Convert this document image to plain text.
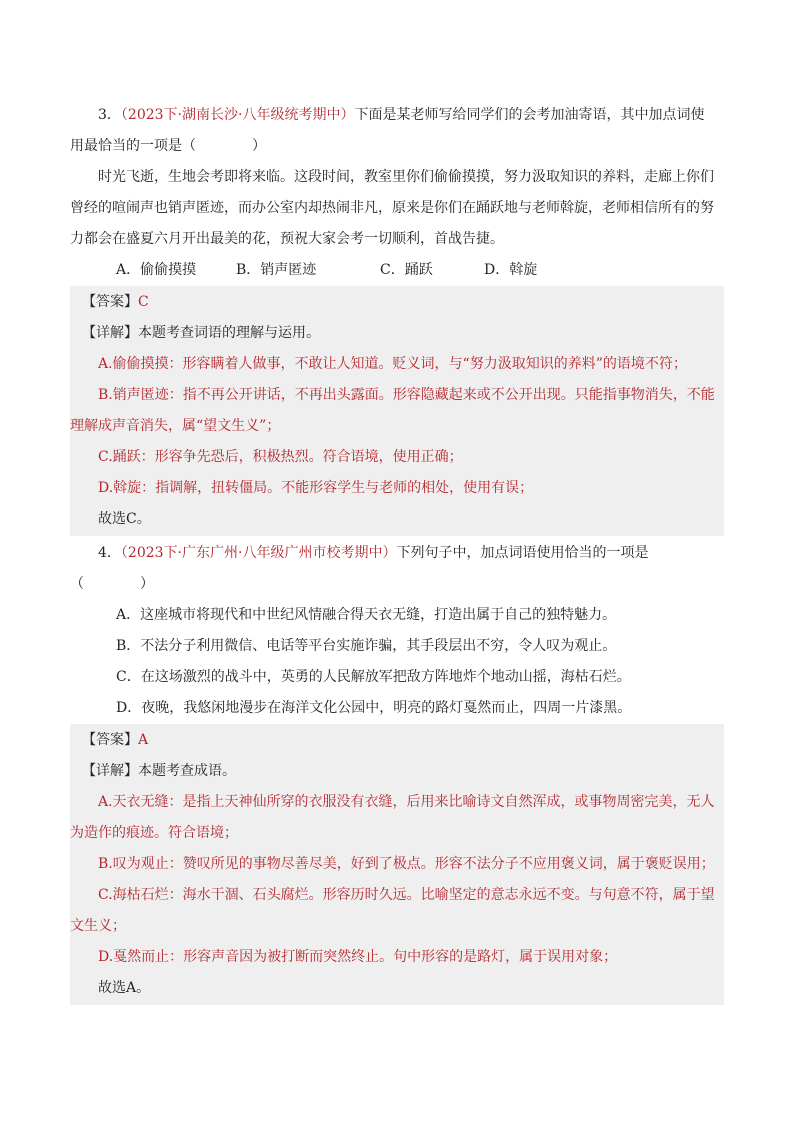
3．（2023下·湖南长沙·八年级统考期中）下面是某老师写给同学们的会考加油寄语，其中加点词使

用最恰当的一项是（	）

时光飞逝，生地会考即将来临。这段时间，教室里你们偷偷摸摸，努力汲取知识的养料，走廊上你们

曾经的喧闹声也销声匿迹，而办公室内却热闹非凡，原来是你们在踊跃地与老师斡旋，老师相信所有的努

力都会在盛夏六月开出最美的花，预祝大家会考一切顺利，首战告捷。

A．偷偷摸摸	B．销声匿迹	C．踊跃	D．斡旋

【答案】C

【详解】本题考查词语的理解与运用。

A.偷偷摸摸：形容瞒着人做事，不敢让人知道。贬义词，与“努力汲取知识的养料”的语境不符；

B.销声匿迹：指不再公开讲话，不再出头露面。形容隐藏起来或不公开出现。只能指事物消失，不能

理解成声音消失，属“望文生义”；

C.踊跃：形容争先恐后，积极热烈。符合语境，使用正确；

D.斡旋：指调解，扭转僵局。不能形容学生与老师的相处，使用有误；

故选C。

4．（2023下·广东广州·八年级广州市校考期中）下列句子中，加点词语使用恰当的一项是

（	）

A．这座城市将现代和中世纪风情融合得天衣无缝，打造出属于自己的独特魅力。
B．不法分子利用微信、电话等平台实施诈骗，其手段层出不穷，令人叹为观止。
C．在这场激烈的战斗中，英勇的人民解放军把敌方阵地炸个地动山摇，海枯石烂。
D．夜晚，我悠闲地漫步在海洋文化公园中，明亮的路灯戛然而止，四周一片漆黑。

【答案】A

【详解】本题考查成语。

A.天衣无缝：是指上天神仙所穿的衣服没有衣缝，后用来比喻诗文自然浑成，或事物周密完美，无人

为造作的痕迹。符合语境；

B.叹为观止：赞叹所见的事物尽善尽美，好到了极点。形容不法分子不应用褒义词，属于褒贬误用；

C.海枯石烂：海水干涸、石头腐烂。形容历时久远。比喻坚定的意志永远不变。与句意不符，属于望

文生义；

D.戛然而止：形容声音因为被打断而突然终止。句中形容的是路灯，属于误用对象；

故选A。
